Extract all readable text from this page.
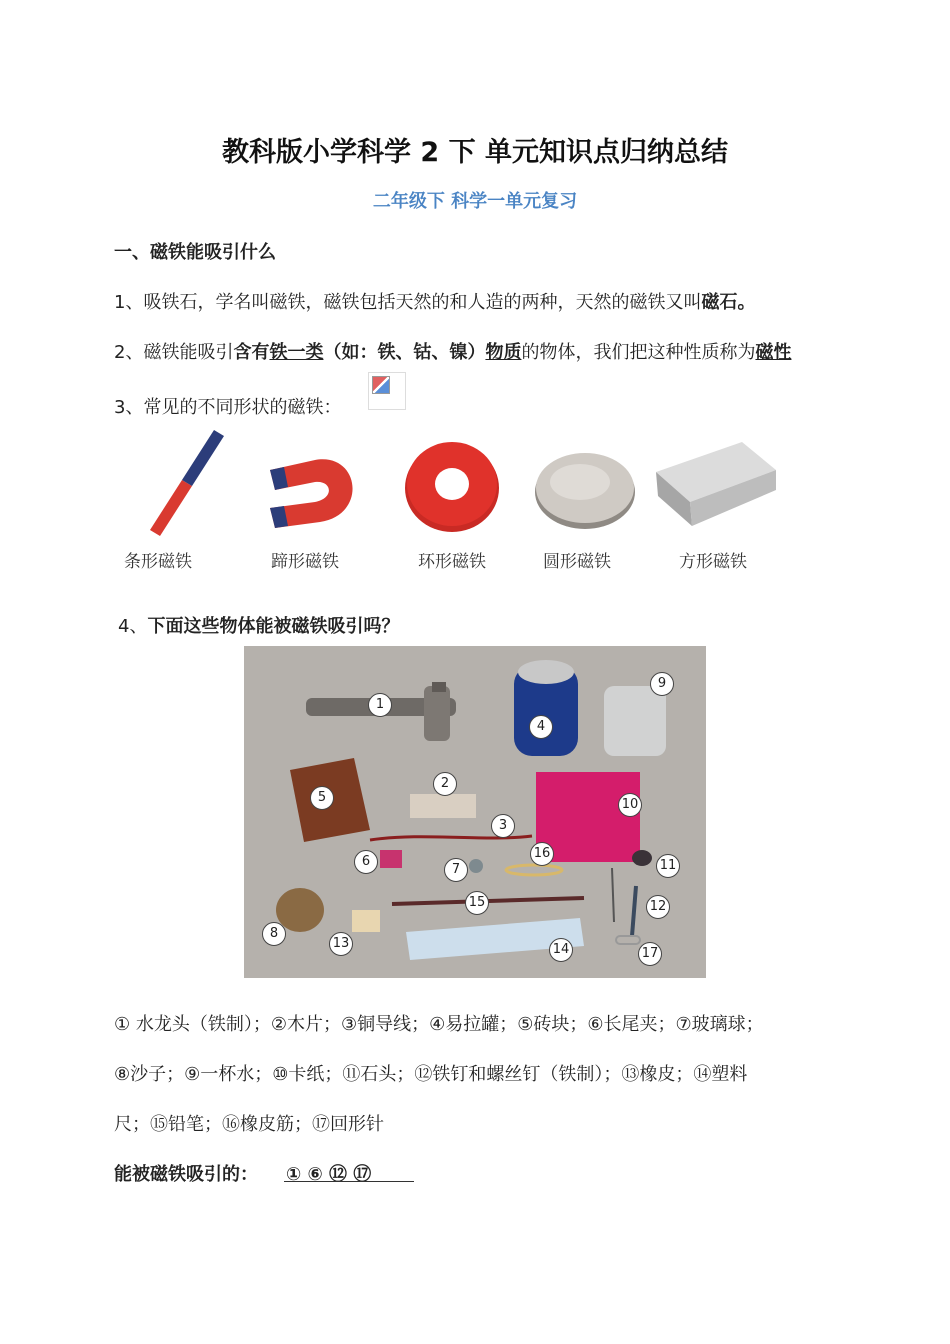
教科版小学科学 2 下 单元知识点归纳总结
二年级下 科学一单元复习
一、磁铁能吸引什么
1、吸铁石，学名叫磁铁，磁铁包括天然的和人造的两种，天然的磁铁又叫磁石。
2、磁铁能吸引含有铁一类（如：铁、钴、镍）物质的物体，我们把这种性质称为磁性
3、常见的不同形状的磁铁：
条形磁铁	蹄形磁铁	环形磁铁	圆形磁铁	方形磁铁
4、下面这些物体能被磁铁吸引吗？
1
2
3
4
5
6
7
8
9
10
11
12
13	14
15
16
17
① 水龙头（铁制）；②木片；③铜导线；④易拉罐；⑤砖块；⑥长尾夹；⑦玻璃球；
⑧沙子；⑨一杯水；⑩卡纸；⑪石头；⑫铁钉和螺丝钉（铁制）；⑬橡皮；⑭塑料
尺；⑮铅笔；⑯橡皮筋；⑰回形针
能被磁铁吸引的： ① ⑥ ⑫ ⑰
